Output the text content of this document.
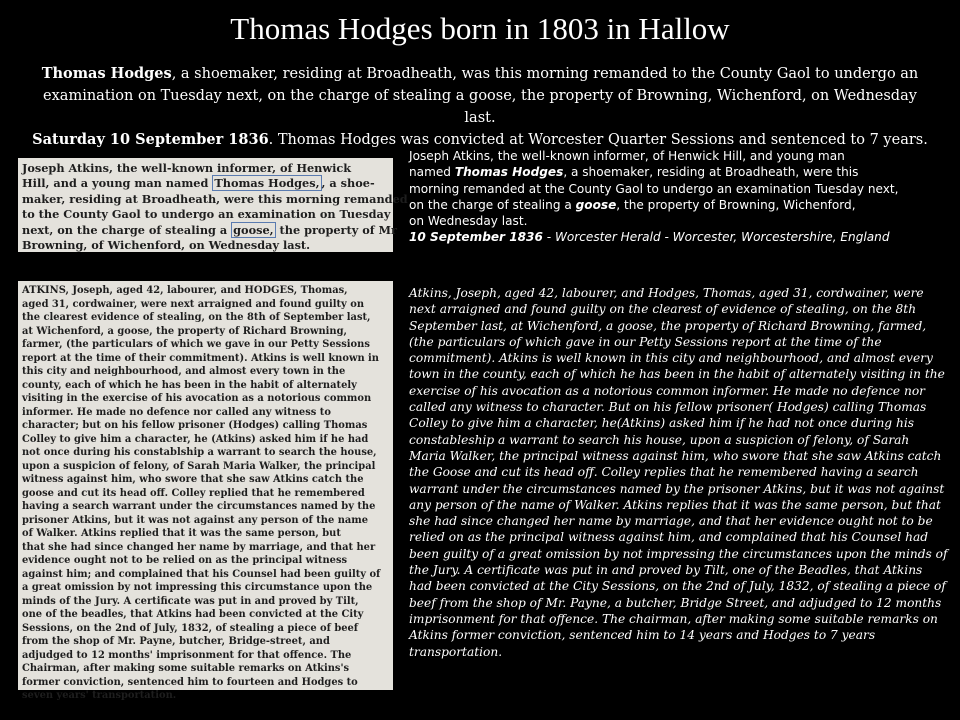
Thomas Hodges born in 1803 in Hallow
Thomas Hodges, a shoemaker, residing at Broadheath, was this morning remanded to the County Gaol to undergo an
examination on Tuesday next, on the charge of stealing a goose, the property of Browning, Wichenford, on Wednesday last.
Saturday 10 September 1836. Thomas Hodges was convicted at Worcester Quarter Sessions and sentenced to 7 years.
Joseph Atkins, the well-known informer, of Henwick
Hill, and a young man named Thomas Hodges, , a shoe-
maker, residing at Broadheath, were this morning remanded
to the County Gaol to undergo an examination on Tuesday
next, on the charge of stealing a goose, the property of Mr
Browning, of Wichenford, on Wednesday last.
Joseph Atkins, the well-known informer, of Henwick Hill, and young man
named Thomas Hodges, a shoemaker, residing at Broadheath, were this
morning remanded at the County Gaol to undergo an examination Tuesday next,
on the charge of stealing a goose, the property of Browning, Wichenford,
on Wednesday last.
10 September 1836 - Worcester Herald - Worcester, Worcestershire, England
ATKINS, Joseph, aged 42, labourer, and HODGES, Thomas,
aged 31, cordwainer, were next arraigned and found guilty on
the clearest evidence of stealing, on the 8th of September last,
at Wichenford, a goose, the property of Richard Browning,
farmer, (the particulars of which we gave in our Petty Sessions
report at the time of their commitment). Atkins is well known in
this city and neighbourhood, and almost every town in the
county, each of which he has been in the habit of alternately
visiting in the exercise of his avocation as a notorious common
informer. He made no defence nor called any witness to
character; but on his fellow prisoner (Hodges) calling Thomas
Colley to give him a character, he (Atkins) asked him if he had
not once during his constablship a warrant to search the house,
upon a suspicion of felony, of Sarah Maria Walker, the principal
witness against him, who swore that she saw Atkins catch the
goose and cut its head off. Colley replied that he remembered
having a search warrant under the circumstances named by the
prisoner Atkins, but it was not against any person of the name
of Walker. Atkins replied that it was the same person, but
that she had since changed her name by marriage, and that her
evidence ought not to be relied on as the principal witness
against him; and complained that his Counsel had been guilty of
a great omission by not impressing this circumstance upon the
minds of the Jury. A certificate was put in and proved by Tilt,
one of the beadles, that Atkins had been convicted at the City
Sessions, on the 2nd of July, 1832, of stealing a piece of beef
from the shop of Mr. Payne, butcher, Bridge-street, and
adjudged to 12 months' imprisonment for that offence. The
Chairman, after making some suitable remarks on Atkins's
former conviction, sentenced him to fourteen and Hodges to
seven years' transportation.
Atkins, Joseph, aged 42, labourer, and Hodges, Thomas, aged 31, cordwainer, were next arraigned and found guilty on the clearest of evidence of stealing, on the 8th September last, at Wichenford, a goose, the property of Richard Browning, farmed, (the particulars of which gave in our Petty Sessions report at the time of the commitment). Atkins is well known in this city and neighbourhood, and almost every town in the county, each of which he has been in the habit of alternately visiting in the exercise of his avocation as a notorious common informer. He made no defence nor called any witness to character. But on his fellow prisoner( Hodges) calling Thomas Colley to give him a character, he(Atkins) asked him if he had not once during his constableship a warrant to search his house, upon a suspicion of felony, of Sarah Maria Walker, the principal witness against him, who swore that she saw Atkins catch the Goose and cut its head off. Colley replies that he remembered having a search warrant under the circumstances named by the prisoner Atkins, but it was not against any person of the name of Walker. Atkins replies that it was the same person, but that she had since changed her name by marriage, and that her evidence ought not to be relied on as the principal witness against him, and complained that his Counsel had been guilty of a great omission by not impressing the circumstances upon the minds of the Jury. A certificate was put in and proved by Tilt, one of the Beadles, that Atkins had been convicted at the City Sessions, on the 2nd of July, 1832, of stealing a piece of beef from the shop of Mr. Payne, a butcher, Bridge Street, and adjudged to 12 months imprisonment for that offence. The chairman, after making some suitable remarks on Atkins former conviction, sentenced him to 14 years and Hodges to 7 years transportation.
